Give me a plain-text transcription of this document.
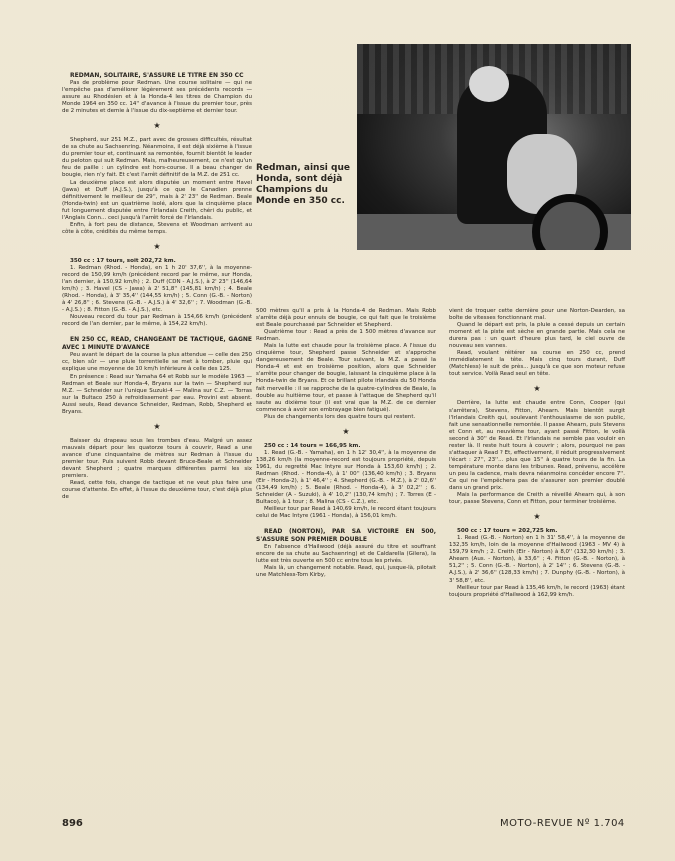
Redman, ainsi que Honda, sont déjà Champions du Monde en 350 cc.

REDMAN, SOLITAIRE, S'ASSURE LE TITRE EN 350 CC

Pas de problème pour Redman. Une course solitaire — qui ne l'empêche pas d'améliorer légèrement ses précédents records — assure au Rhodésien et à la Honda-4 les titres de Champion du Monde 1964 en 350 cc. 14'' d'avance à l'issue du premier tour, près de 2 minutes et demie à l'issue du dix-septième et dernier tour.

★

Shepherd, sur 251 M.Z., part avec de grosses difficultés, résultat de sa chute au Sachsenring. Néanmoins, il est déjà sixième à l'issue du premier tour et, continuant sa remontée, fournit bientôt le leader du peloton qui suit Redman. Mais, malheureusement, ce n'est qu'un feu de paille : un cylindre est hors-course. Il a beau changer de bougie, rien n'y fait. Et c'est l'arrêt définitif de la M.Z. de 251 cc.

La deuxième place est alors disputée un moment entre Havel (Jawa) et Duff (A.J.S.), jusqu'à ce que le Canadien prenne définitivement le meilleur de 29'', mais à 2' 23'' de Redman. Beale (Honda-twin) est un quatrième isolé, alors que la cinquième place fut longuement disputée entre l'Irlandais Creith, chéri du public, et l'Anglais Conn... ceci jusqu'à l'arrêt forcé de l'Irlandais.

Enfin, à fort peu de distance, Stevens et Woodman arrivent au côte à côte, crédités du même temps.

★

350 cc : 17 tours, soit 202,72 km.

1. Redman (Rhod. - Honda), en 1 h 20' 37,6'', à la moyenne-record de 150,99 km/h (précédent record par le même, sur Honda, l'an dernier, à 150,92 km/h) ; 2. Duff (CDN - A.J.S.), à 2' 23'' (146,64 km/h) ; 3. Havel (CS - Jawa) à 2' 51,8'' (145,81 km/h) ; 4. Beale (Rhod. - Honda), à 3' 35,4'' (144,55 km/h) ; 5. Conn (G.-B. - Norton) à 4' 26,8'' ; 6. Stevens (G.-B. - A.J.S.) à 4' 32,6'' ; 7. Woodman (G.-B. - A.J.S.) ; 8. Fitton (G.-B. - A.J.S.), etc.

Nouveau record du tour par Redman à 154,66 km/h (précédent record de l'an dernier, par le même, à 154,22 km/h).

EN 250 CC, READ, CHANGEANT DE TACTIQUE, GAGNE AVEC 1 MINUTE D'AVANCE

Peu avant le départ de la course la plus attendue — celle des 250 cc, bien sûr — une pluie torrentielle se met à tomber, pluie qui explique une moyenne de 10 km/h inférieure à celle des 125.

En présence : Read sur Yamaha 64 et Robb sur le modèle 1963 — Redman et Beale sur Honda-4, Bryans sur la twin — Shepherd sur M.Z. — Schneider sur l'unique Suzuki-4 — Malina sur C.Z. — Torras sur la Bultaco 250 à refroidissement par eau. Provini est absent. Aussi seuls, Read devance Schneider, Redman, Robb, Shepherd et Bryans.

★

Baisser du drapeau sous les trombes d'eau. Malgré un assez mauvais départ pour les quatorze tours à couvrir, Read a une avance d'une cinquantaine de mètres sur Redman à l'issue du premier tour. Puis suivent Robb devant Bruce-Beale et Schneider devant Shepherd ; quatre marques différentes parmi les six premiers.

Read, cette fois, change de tactique et ne veut plus faire une course d'attente. En effet, à l'issue du deuxième tour, c'est déjà plus de

500 mètres qu'il a pris à la Honda-4 de Redman. Mais Robb s'arrête déjà pour ennuis de bougie, ce qui fait que le troisième est Beale pourchassé par Schneider et Shepherd.

Quatrième tour : Read a près de 1 500 mètres d'avance sur Redman.

Mais la lutte est chaude pour la troisième place. A l'issue du cinquième tour, Shepherd passe Schneider et s'approche dangereusement de Beale. Tour suivant, la M.Z. a passé la Honda-4 et est en troisième position, alors que Schneider s'arrête pour changer de bougie, laissant la cinquième place à la Honda-twin de Bryans. Et ce brillant pilote irlandais du 50 Honda fait merveille : il se rapproche de la quatre-cylindres de Beale, la double au huitième tour, et passe à l'attaque de Shepherd qu'il saute au dixième tour (il est vrai que la M.Z. de ce dernier commence à avoir son embrayage bien fatigué).

Plus de changements lors des quatre tours qui restent.

★

250 cc : 14 tours = 166,95 km.

1. Read (G.-B. - Yamaha), en 1 h 12' 30,4'', à la moyenne de 138,26 km/h (la moyenne-record est toujours propriété, depuis 1961, du regretté Mac Intyre sur Honda à 153,60 km/h) ; 2. Redman (Rhod. - Honda-4), à 1' 00'' (136,40 km/h) ; 3. Bryans (Eir - Honda-2), à 1' 46,4'' ; 4. Shepherd (G.-B. - M.Z.), à 2' 02,6'' (134,49 km/h) ; 5. Beale (Rhod. - Honda-4), à 3' 02,2'' ; 6. Schneider (A - Suzuki), à 4' 10,2'' (130,74 km/h) ; 7. Torres (E - Bultaco), à 1 tour ; 8. Malina (CS - C.Z.), etc.

Meilleur tour par Read à 140,69 km/h, le record étant toujours celui de Mac Intyre (1961 - Honda), à 156,01 km/h.

READ (NORTON), PAR SA VICTOIRE EN 500, S'ASSURE SON PREMIER DOUBLE

En l'absence d'Hailwood (déjà assuré du titre et souffrant encore de sa chute au Sachsenring) et de Caldarella (Gilera), la lutte est très ouverte en 500 cc entre tous les privés.

Mais là, un changement notable. Read, qui, jusque-là, pilotait une Matchless-Tom Kirby,

vient de troquer cette dernière pour une Norton-Dearden, sa boîte de vitesses fonctionnant mal.

Quand le départ est pris, la pluie a cessé depuis un certain moment et la piste est sèche en grande partie. Mais cela ne durera pas : un quart d'heure plus tard, le ciel ouvre de nouveau ses vannes.

Read, voulant réitérer sa course en 250 cc, prend immédiatement la tête. Mais cinq tours durant, Duff (Matchless) le suit de près... jusqu'à ce que son moteur refuse tout service. Voilà Read seul en tête.

★

Derrière, la lutte est chaude entre Conn, Cooper (qui s'arrêtera), Stevens, Fitton, Ahearn. Mais bientôt surgit l'Irlandais Creith qui, soulevant l'enthousiasme de son public, fait une sensationnelle remontée. Il passe Ahearn, puis Stevens et Conn et, au neuvième tour, ayant passé Fitton, le voilà second à 30'' de Read. Et l'Irlandais ne semble pas vouloir en rester là. Il reste huit tours à couvrir ; alors, pourquoi ne pas s'attaquer à Read ? Et, effectivement, il réduit progressivement l'écart : 27'', 23''... plus que 15'' à quatre tours de la fin. La température monte dans les tribunes. Read, prévenu, accélère un peu la cadence, mais devra néanmoins concéder encore 7''. Ce qui ne l'empêchera pas de s'assurer son premier doublé dans un grand prix.

Mais la performance de Creith a réveillé Ahearn qui, à son tour, passe Stevens, Conn et Fitton, pour terminer troisième.

★

500 cc : 17 tours = 202,725 km.

1. Read (G.-B. - Norton) en 1 h 31' 58,4'', à la moyenne de 132,35 km/h, loin de la moyenne d'Hailwood (1963 - MV 4) à 159,79 km/h ; 2. Creith (Eir - Norton) à 8,0'' (132,30 km/h) ; 3. Ahearn (Aus. - Norton), à 33,6'' ; 4. Fitton (G.-B. - Norton), à 51,2'' ; 5. Conn (G.-B. - Norton), à 2' 14'' ; 6. Stevens (G.-B. - A.J.S.), à 2' 36,6'' (128,33 km/h) ; 7. Dunphy (G.-B. - Norton), à 3' 58,8'', etc.

Meilleur tour par Read à 135,46 km/h, le record (1963) étant toujours propriété d'Hailwood à 162,99 km/h.

896	MOTO-REVUE Nº 1.704
